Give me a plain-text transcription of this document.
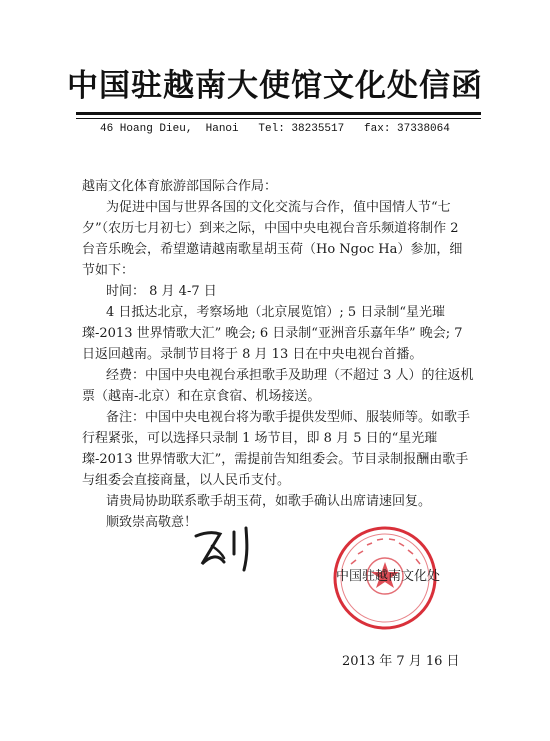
中国驻越南大使馆文化处信函
46 Hoang Dieu,  Hanoi   Tel: 38235517   fax: 37338064

越南文化体育旅游部国际合作局：

为促进中国与世界各国的文化交流与合作，值中国情人节“七夕”（农历七月初七）到来之际，中国中央电视台音乐频道将制作 2 台音乐晚会，希望邀请越南歌星胡玉荷（Ho Ngoc Ha）参加，细节如下：

时间： 8 月 4-7 日

4 日抵达北京，考察场地（北京展览馆）; 5 日录制“星光璀璨-2013 世界情歌大汇” 晚会; 6 日录制“亚洲音乐嘉年华” 晚会; 7 日返回越南。录制节目将于 8 月 13 日在中央电视台首播。

经费：中国中央电视台承担歌手及助理（不超过 3 人）的往返机票（越南-北京）和在京食宿、机场接送。

备注：中国中央电视台将为歌手提供发型师、服装师等。如歌手行程紧张，可以选择只录制 1 场节目，即 8 月 5 日的“星光璀璨-2013 世界情歌大汇”，需提前告知组委会。节目录制报酬由歌手与组委会直接商量，以人民币支付。

请贵局协助联系歌手胡玉荷，如歌手确认出席请速回复。

顺致崇高敬意！

中国驻越南文化处
2013 年 7 月 16 日
